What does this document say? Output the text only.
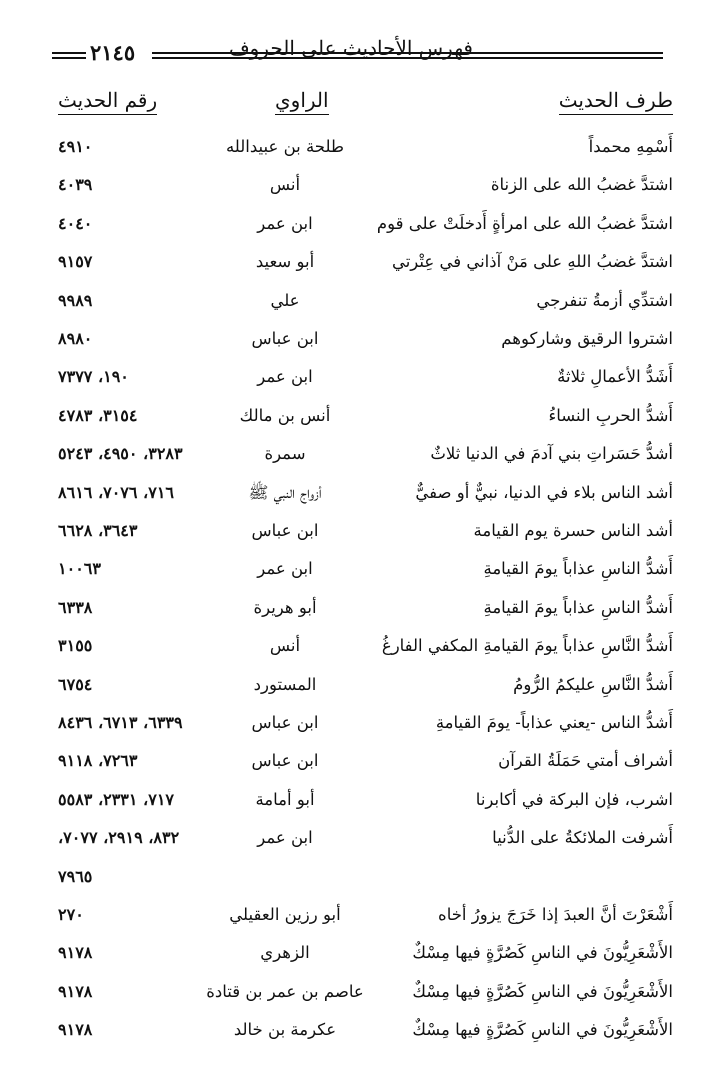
٢١٤٥	فهرس الأحاديث على الحروف
طرف الحديث
الراوي
رقم الحديث
أَسْمِهِ محمداً
طلحة بن عبيدالله
٤٩١٠
اشتدَّ غضبُ الله على الزناة
أنس
٤٠٣٩
اشتدَّ غضبُ الله على امرأةٍ أَدخلَتْ على قوم
ابن عمر
٤٠٤٠
اشتدَّ غضبُ اللهِ على مَنْ آذاني في عِتْرتي
أبو سعيد
٩١٥٧
اشتدِّي أزمةُ تنفرجي
علي
٩٩٨٩
اشتروا الرقيق وشاركوهم
ابن عباس
٨٩٨٠
أَشَدُّ الأعمالِ ثلاثةٌ
ابن عمر
١٩٠، ٧٣٧٧
أَشدُّ الحربِ النساءُ
أنس بن مالك
٣١٥٤، ٤٧٨٣
أشدُّ حَسَراتِ بني آدمَ في الدنيا ثلاثٌ
سمرة
٣٢٨٣، ٤٩٥٠، ٥٢٤٣
أشد الناس بلاء في الدنيا، نبيٌّ أو صفيٌّ
أزواج النبي ﷺ
٧١٦، ٧٠٧٦، ٨٦١٦
أشد الناس حسرة يوم القيامة
ابن عباس
٣٦٤٣، ٦٦٢٨
أَشدُّ الناسِ عذاباً يومَ القيامةِ
ابن عمر
١٠٠٦٣
أَشدُّ الناسِ عذاباً يومَ القيامةِ
أبو هريرة
٦٣٣٨
أَشدُّ النَّاسِ عذاباً يومَ القيامةِ المكفي الفارغُ
أنس
٣١٥٥
أَشدُّ النَّاسِ عليكمُ الرُّومُ
المستورد
٦٧٥٤
أَشدُّ الناس -يعني عذاباً- يومَ القيامةِ
ابن عباس
٦٣٣٩، ٦٧١٣، ٨٤٣٦
أشراف أمتي حَمَلَةُ القرآن
ابن عباس
٧٢٦٣، ٩١١٨
اشرب، فإن البركة في أكابرنا
أبو أمامة
٧١٧، ٢٣٣١، ٥٥٨٣
أَشرفت الملائكةُ على الدُّنيا
ابن عمر
٨٣٢، ٢٩١٩، ٧٠٧٧،
٧٩٦٥
أَشْعَرْتَ أنَّ العبدَ إذا خَرَجَ يزورُ أخاه
أبو رزين العقيلي
٢٧٠
الأَشْعَرِيُّونَ في الناسِ كَصُرَّةٍ فيها مِسْكٌ
الزهري
٩١٧٨
الأَشْعَرِيُّونَ في الناسِ كَصُرَّةٍ فيها مِسْكٌ
عاصم بن عمر بن قتادة
٩١٧٨
الأَشْعَرِيُّونَ في الناسِ كَصُرَّةٍ فيها مِسْكٌ
عكرمة بن خالد
٩١٧٨
